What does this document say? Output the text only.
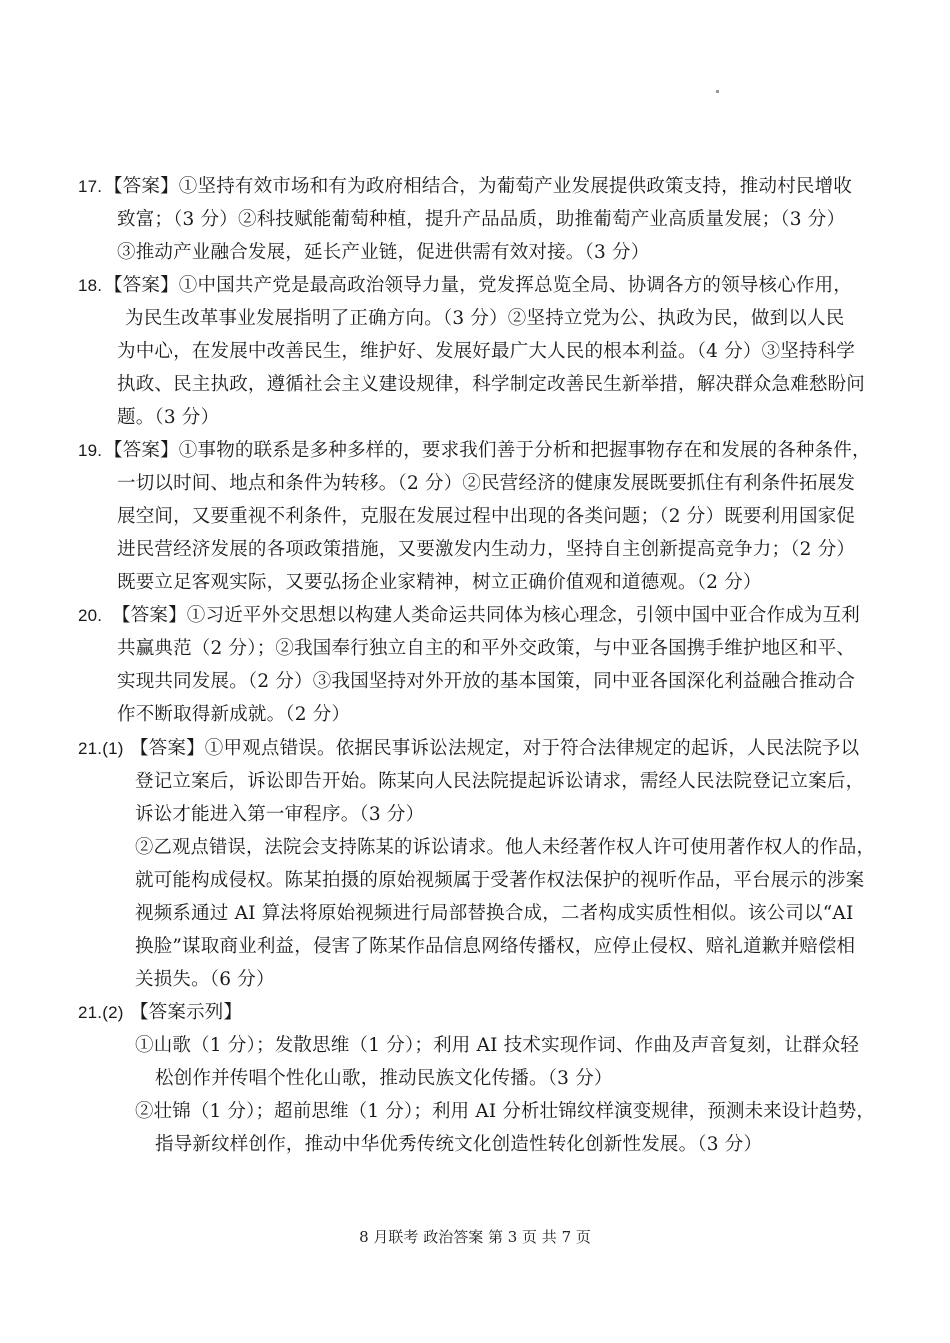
17. 【答案】①坚持有效市场和有为政府相结合，为葡萄产业发展提供政策支持，推动村民增收
致富；（3 分）②科技赋能葡萄种植，提升产品品质，助推葡萄产业高质量发展；（3 分）
③推动产业融合发展，延长产业链，促进供需有效对接。（3 分）
18. 【答案】①中国共产党是最高政治领导力量，党发挥总览全局、协调各方的领导核心作用，
为民生改革事业发展指明了正确方向。（3 分）②坚持立党为公、执政为民，做到以人民
为中心，在发展中改善民生，维护好、发展好最广大人民的根本利益。（4 分）③坚持科学
执政、民主执政，遵循社会主义建设规律，科学制定改善民生新举措，解决群众急难愁盼问
题。（3 分）
19. 【答案】①事物的联系是多种多样的，要求我们善于分析和把握事物存在和发展的各种条件，
一切以时间、地点和条件为转移。（2 分）②民营经济的健康发展既要抓住有利条件拓展发
展空间，又要重视不利条件，克服在发展过程中出现的各类问题；（2 分）既要利用国家促
进民营经济发展的各项政策措施，又要激发内生动力，坚持自主创新提高竞争力；（2 分）
既要立足客观实际，又要弘扬企业家精神，树立正确价值观和道德观。（2 分）
20. 【答案】①习近平外交思想以构建人类命运共同体为核心理念，引领中国中亚合作成为互利
共赢典范（2 分）；②我国奉行独立自主的和平外交政策，与中亚各国携手维护地区和平、
实现共同发展。（2 分）③我国坚持对外开放的基本国策，同中亚各国深化利益融合推动合
作不断取得新成就。（2 分）
21.(1) 【答案】①甲观点错误。依据民事诉讼法规定，对于符合法律规定的起诉，人民法院予以
登记立案后，诉讼即告开始。陈某向人民法院提起诉讼请求，需经人民法院登记立案后，
诉讼才能进入第一审程序。（3 分）
②乙观点错误，法院会支持陈某的诉讼请求。他人未经著作权人许可使用著作权人的作品，
就可能构成侵权。陈某拍摄的原始视频属于受著作权法保护的视听作品，平台展示的涉案
视频系通过 AI 算法将原始视频进行局部替换合成，二者构成实质性相似。该公司以“AI
换脸”谋取商业利益，侵害了陈某作品信息网络传播权，应停止侵权、赔礼道歉并赔偿相
关损失。（6 分）
21.(2) 【答案示列】
①山歌（1 分）；发散思维（1 分）；利用 AI 技术实现作词、作曲及声音复刻，让群众轻
松创作并传唱个性化山歌，推动民族文化传播。（3 分）
②壮锦（1 分）；超前思维（1 分）；利用 AI 分析壮锦纹样演变规律，预测未来设计趋势，
指导新纹样创作，推动中华优秀传统文化创造性转化创新性发展。（3 分）
8 月联考 政治答案 第 3 页 共 7 页
